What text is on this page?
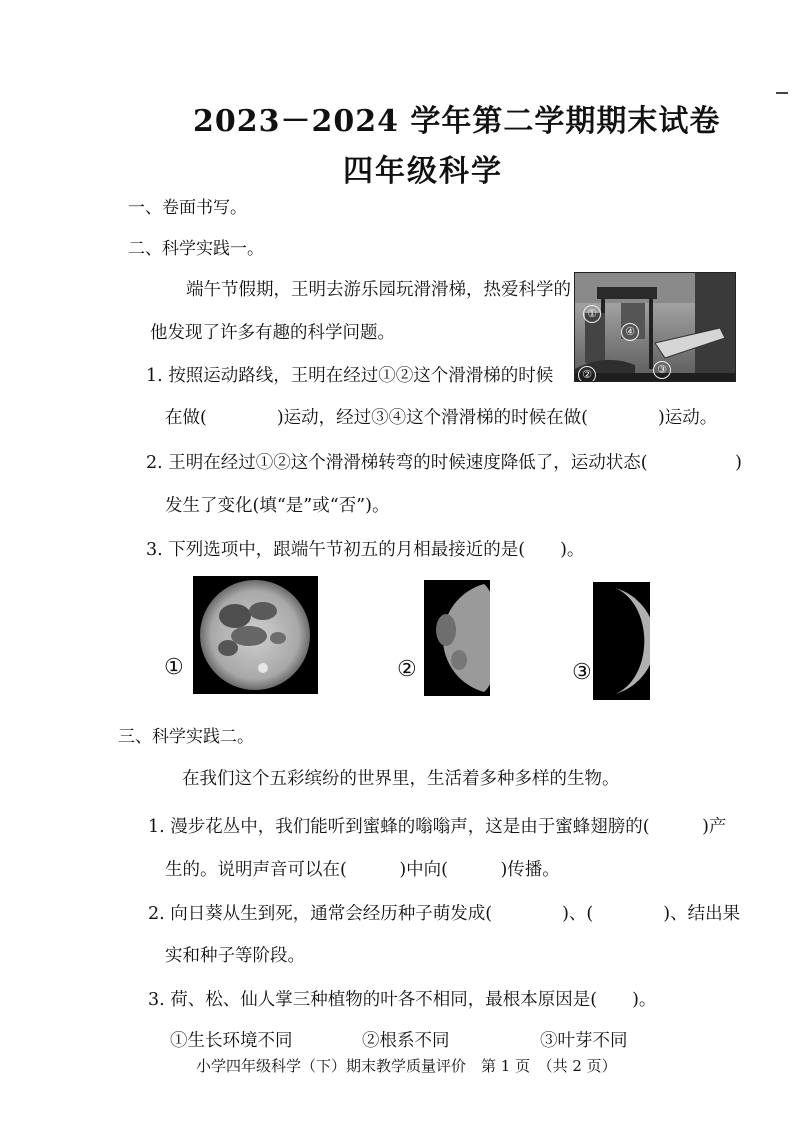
2023－2024 学年第二学期期末试卷
四年级科学
一、卷面书写。
二、科学实践一。
端午节假期，王明去游乐园玩滑滑梯，热爱科学的
他发现了许多有趣的科学问题。
①
④
②	③
1. 按照运动路线，王明在经过①②这个滑滑梯的时候
在做(　　　　)运动，经过③④这个滑滑梯的时候在做(　　　　)运动。
2. 王明在经过①②这个滑滑梯转弯的时候速度降低了，运动状态(　　　　　)
发生了变化(填“是”或“否”)。
3. 下列选项中，跟端午节初五的月相最接近的是(　　)。
①	②	③
三、科学实践二。
在我们这个五彩缤纷的世界里，生活着多种多样的生物。
1. 漫步花丛中，我们能听到蜜蜂的嗡嗡声，这是由于蜜蜂翅膀的(　　　)产
生的。说明声音可以在(　　　)中向(　　　)传播。
2. 向日葵从生到死，通常会经历种子萌发成(　　　　)、(　　　　)、结出果
实和种子等阶段。
3. 荷、松、仙人掌三种植物的叶各不相同，最根本原因是(　　)。
①生长环境不同	②根系不同	③叶芽不同
小学四年级科学（下）期末教学质量评价　第 1 页　（共 2 页）
